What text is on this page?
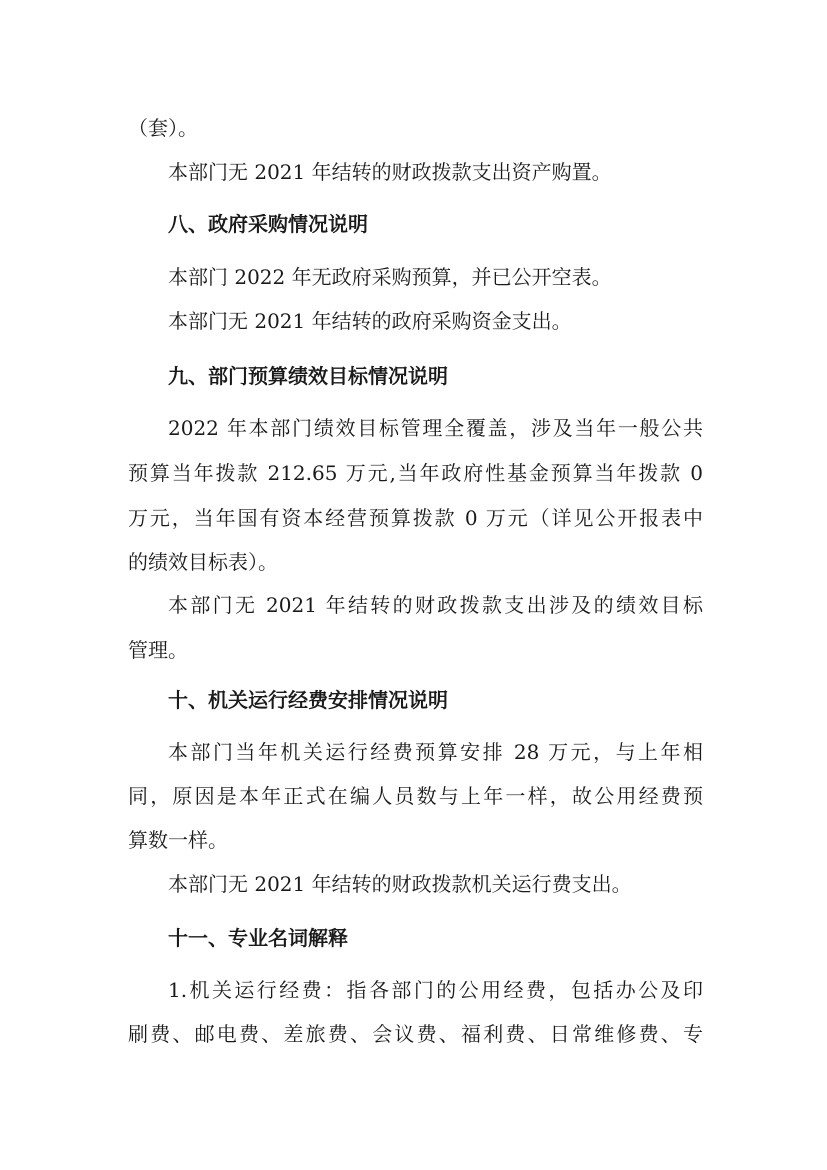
（套）。
本部门无 2021 年结转的财政拨款支出资产购置。
八、政府采购情况说明
本部门 2022 年无政府采购预算，并已公开空表。
本部门无 2021 年结转的政府采购资金支出。
九、部门预算绩效目标情况说明
2022 年本部门绩效目标管理全覆盖，涉及当年一般公共
预算当年拨款 212.65 万元,当年政府性基金预算当年拨款 0
万元，当年国有资本经营预算拨款 0 万元（详见公开报表中
的绩效目标表）。
本部门无 2021 年结转的财政拨款支出涉及的绩效目标
管理。
十、机关运行经费安排情况说明
本部门当年机关运行经费预算安排 28 万元，与上年相
同，原因是本年正式在编人员数与上年一样，故公用经费预
算数一样。
本部门无 2021 年结转的财政拨款机关运行费支出。
十一、专业名词解释
1.机关运行经费：指各部门的公用经费，包括办公及印
刷费、邮电费、差旅费、会议费、福利费、日常维修费、专
